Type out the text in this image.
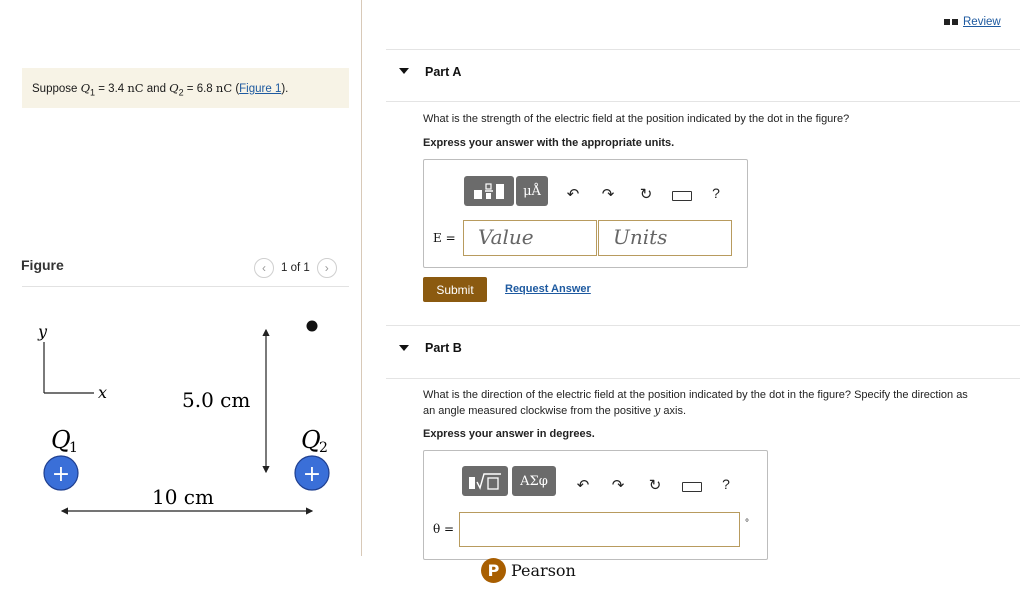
Suppose $Q_1 = 3.4$ nC and $Q_2 = 6.8$ nC (Figure 1).
Figure	‹	1 of 1	›
y
x	5.0 cm
Q
1	Q
2
+	+
10 cm
Review
Part A
What is the strength of the electric field at the position indicated by the dot in the figure?
Express your answer with the appropriate units.
μÅ	↶ ↷ ↻	?
E =	Value	Units
Submit	Request Answer
Part B
What is the direction of the electric field at the position indicated by the dot in the figure? Specify the direction as
an angle measured clockwise from the positive y axis.
Express your answer in degrees.
ΑΣφ	↶ ↷ ↻	?
θ =	°
P Pearson
